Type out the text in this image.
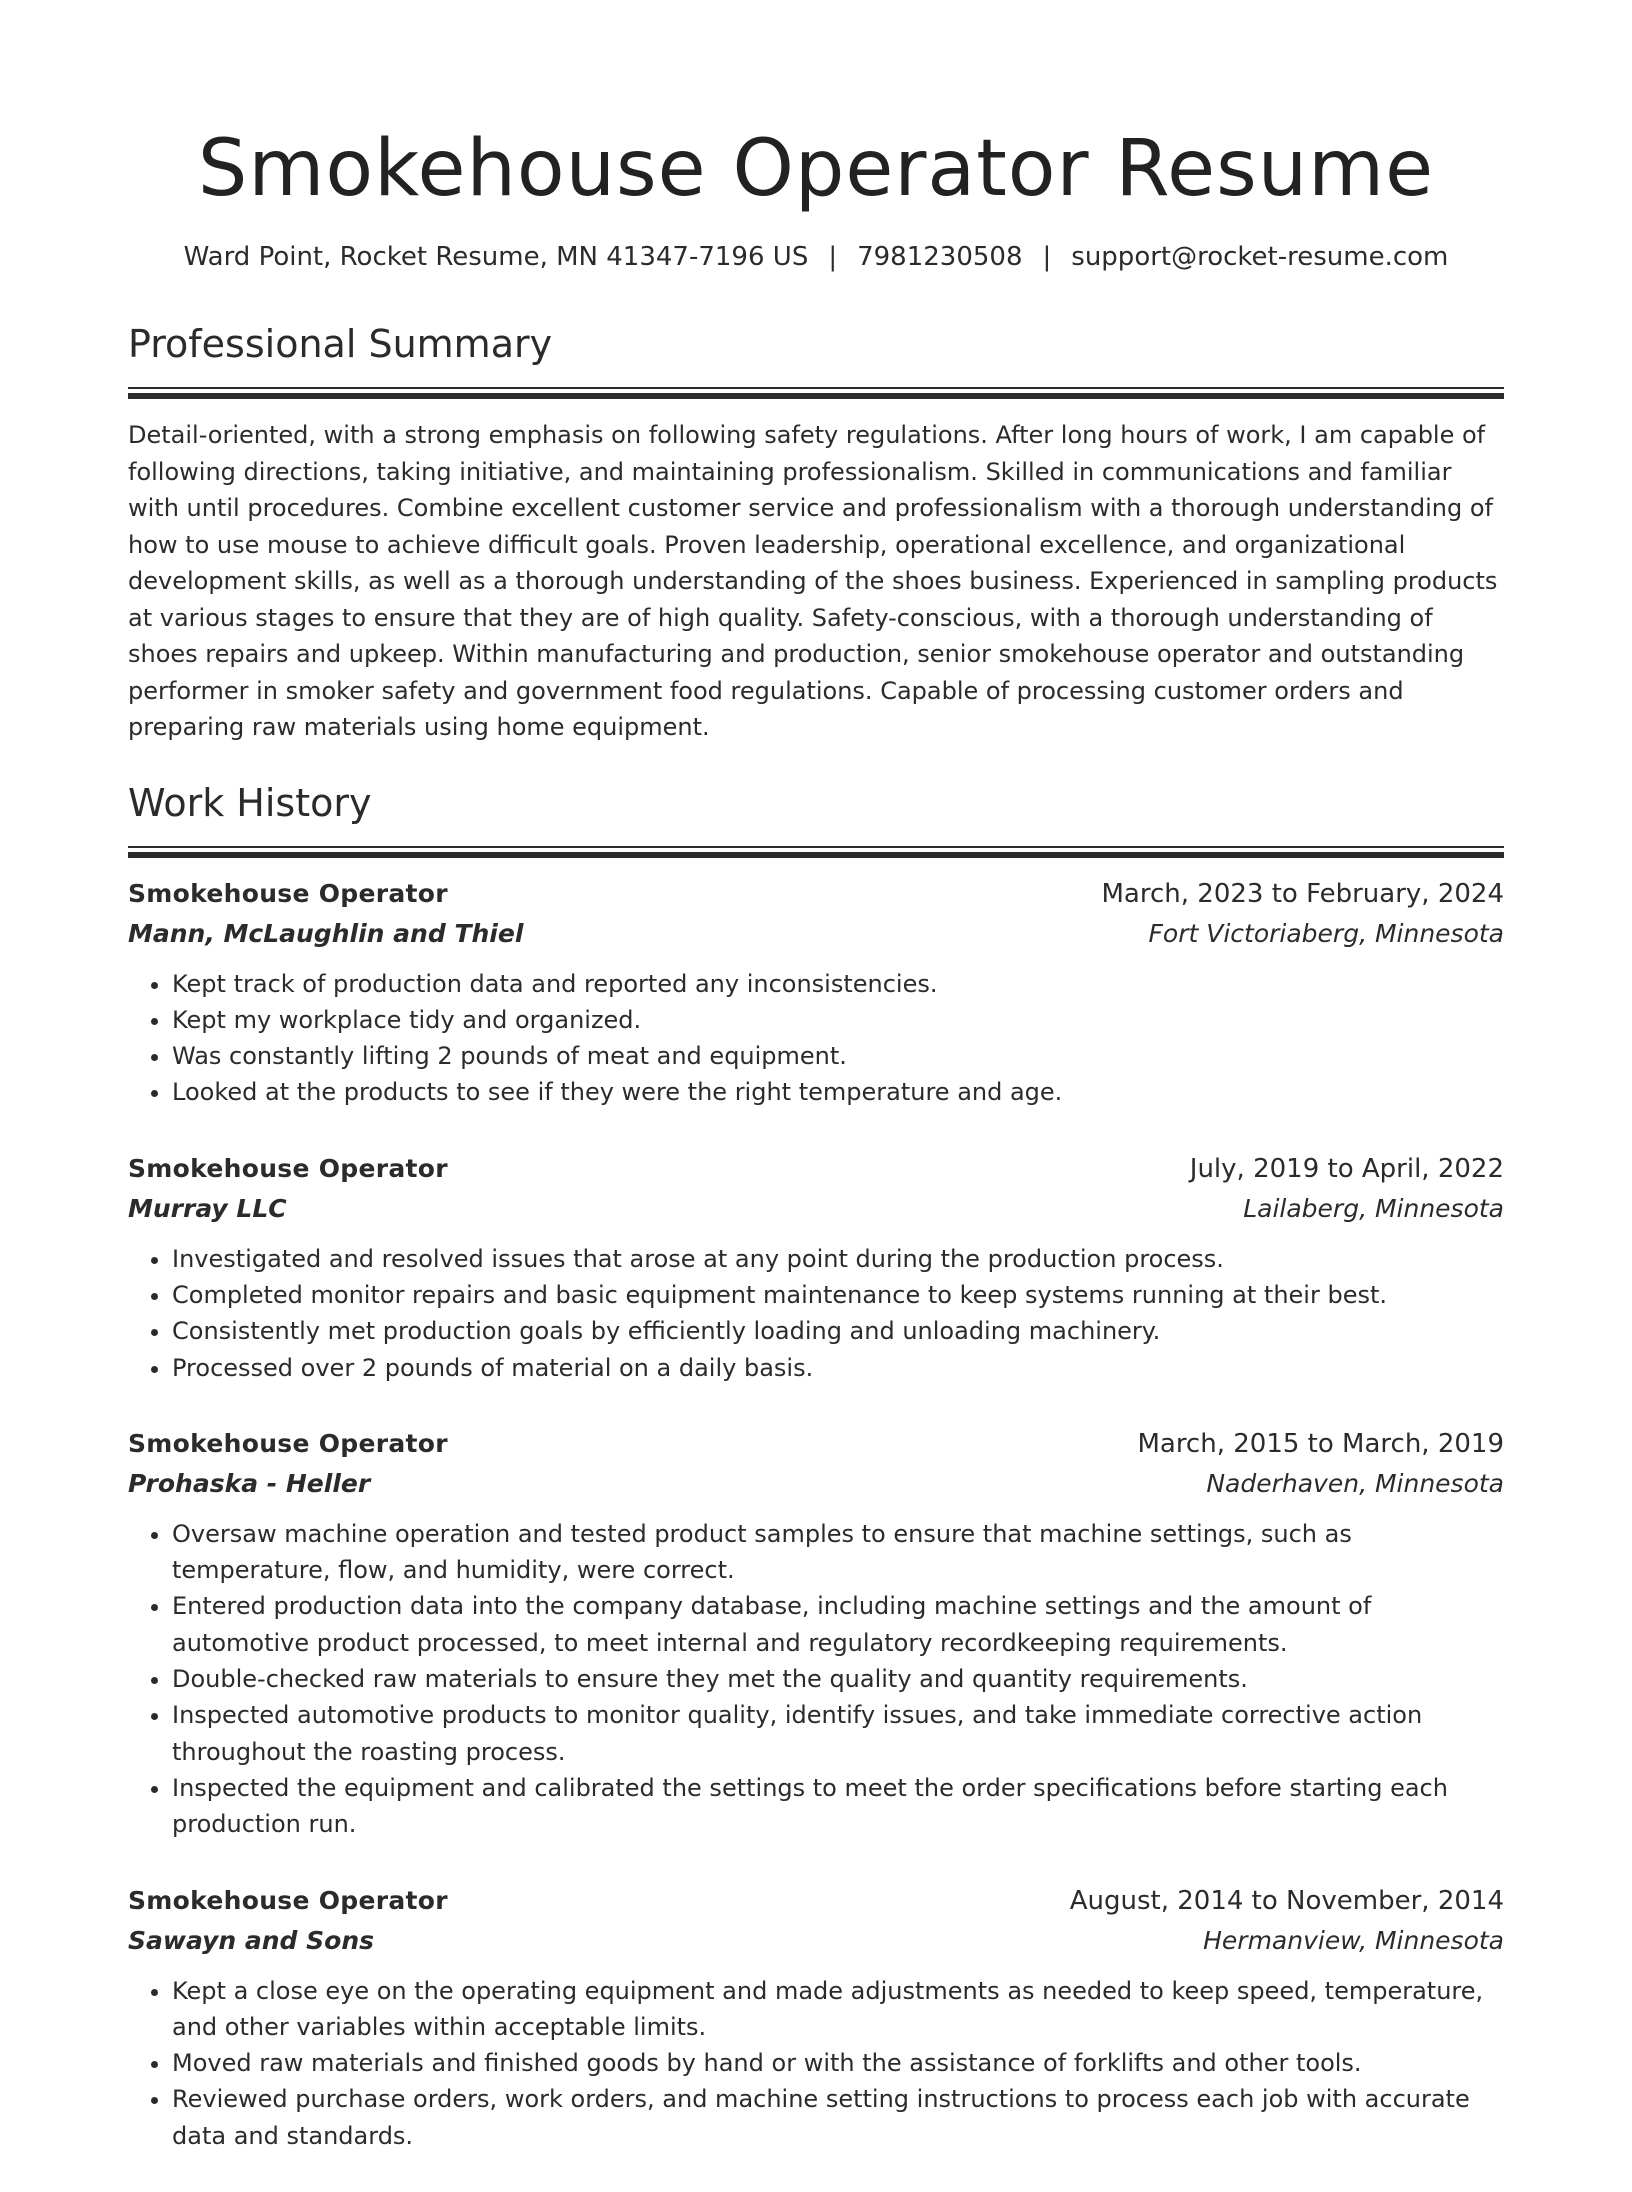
Smokehouse Operator Resume
Ward Point, Rocket Resume, MN 41347-7196 US | 7981230508 | support@rocket-resume.com
Professional Summary

Detail-oriented, with a strong emphasis on following safety regulations. After long hours of work, I am capable of following directions, taking initiative, and maintaining professionalism. Skilled in communications and familiar with until procedures. Combine excellent customer service and professionalism with a thorough understanding of how to use mouse to achieve difficult goals. Proven leadership, operational excellence, and organizational development skills, as well as a thorough understanding of the shoes business. Experienced in sampling products at various stages to ensure that they are of high quality. Safety-conscious, with a thorough understanding of shoes repairs and upkeep. Within manufacturing and production, senior smokehouse operator and outstanding performer in smoker safety and government food regulations. Capable of processing customer orders and preparing raw materials using home equipment.

Work History
Smokehouse Operator	March, 2023 to February, 2024
Mann, McLaughlin and Thiel	Fort Victoriaberg, Minnesota
• Kept track of production data and reported any inconsistencies.
• Kept my workplace tidy and organized.
• Was constantly lifting 2 pounds of meat and equipment.
• Looked at the products to see if they were the right temperature and age.
Smokehouse Operator	July, 2019 to April, 2022
Murray LLC	Lailaberg, Minnesota
• Investigated and resolved issues that arose at any point during the production process.
• Completed monitor repairs and basic equipment maintenance to keep systems running at their best.
• Consistently met production goals by efficiently loading and unloading machinery.
• Processed over 2 pounds of material on a daily basis.
Smokehouse Operator	March, 2015 to March, 2019
Prohaska - Heller	Naderhaven, Minnesota
• Oversaw machine operation and tested product samples to ensure that machine settings, such as temperature, flow, and humidity, were correct.
• Entered production data into the company database, including machine settings and the amount of automotive product processed, to meet internal and regulatory recordkeeping requirements.
• Double-checked raw materials to ensure they met the quality and quantity requirements.
• Inspected automotive products to monitor quality, identify issues, and take immediate corrective action throughout the roasting process.
• Inspected the equipment and calibrated the settings to meet the order specifications before starting each production run.
Smokehouse Operator	August, 2014 to November, 2014
Sawayn and Sons	Hermanview, Minnesota
• Kept a close eye on the operating equipment and made adjustments as needed to keep speed, temperature, and other variables within acceptable limits.
• Moved raw materials and finished goods by hand or with the assistance of forklifts and other tools.
• Reviewed purchase orders, work orders, and machine setting instructions to process each job with accurate data and standards.
